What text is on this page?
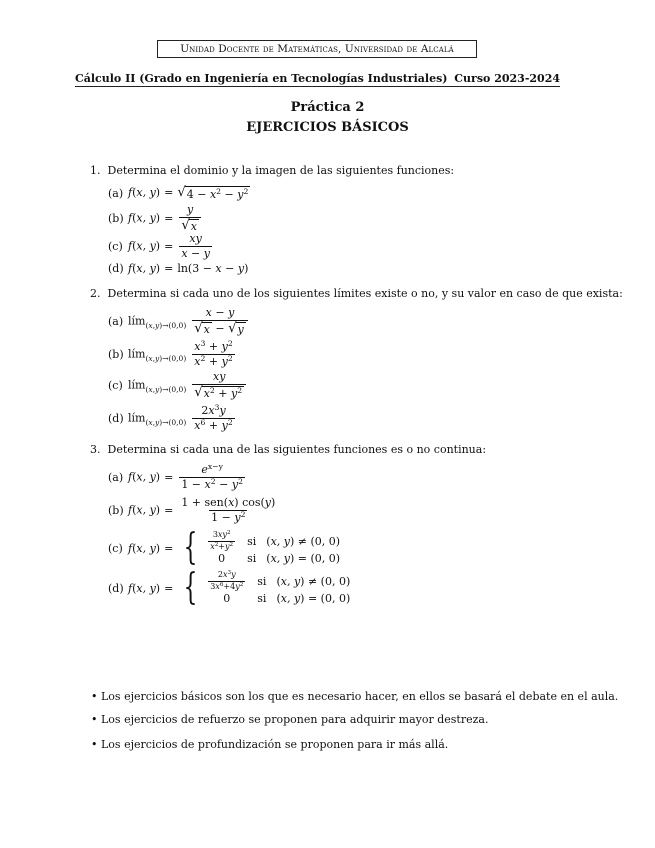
Unidad Docente de Matemáticas, Universidad de Alcalá
Cálculo II (Grado en Ingeniería en Tecnologías Industriales) Curso 2023-2024
Práctica 2
EJERCICIOS BÁSICOS
1. Determina el dominio y la imagen de las siguientes funciones:
(a) f(x, y) = √ $4 - x^2 - y^2$
(b) f(x, $y) = \frac{y}{√ x}$
(c) f(x, $y) = \frac{xy}{x - y}$
(d) f(x, y) = ln(3 − x − y)
2. Determina si cada uno de los siguientes límites existe o no, y su valor en caso de que exista:
(a) lím$_{(x,y)\to(0,0)}$ $\frac{x - y}{√ x - √ y}$
(b) lím$_{(x,y)\to(0,0)}$ $\frac{x^3 + y^2}{x^2 + y^2}$
(c) lím$_{(x,y)\to(0,0)}$ $\frac{xy}{√ x^2 + y^2}$
(d) lím$_{(x,y)\to(0,0)}$ $\frac{2x^3y}{x^6 + y^2}$
3. Determina si cada una de las siguientes funciones es o no continua:
(a) f(x, $y) = \frac{e^{x-y}}{1 - x^2 - y^2}$
(b) f(x, $y) = \frac{\text{1 + sen(x) cos(y)}}{1 - y^2}$
(c) f ( x, y ) = { $\frac{3xy^2}{x^2+y^2}$ si (x, y) ≠ (0, 0)
0	si (x, y) = (0, 0)
(d) f ( x, y ) = { $\frac{2x^3y}{3x^6+4y^2}$ si (x, y) ≠ (0, 0)
0	si (x, y) = (0, 0)
• Los ejercicios básicos son los que es necesario hacer, en ellos se basará el debate en el aula.
• Los ejercicios de refuerzo se proponen para adquirir mayor destreza.
• Los ejercicios de profundización se proponen para ir más allá.
